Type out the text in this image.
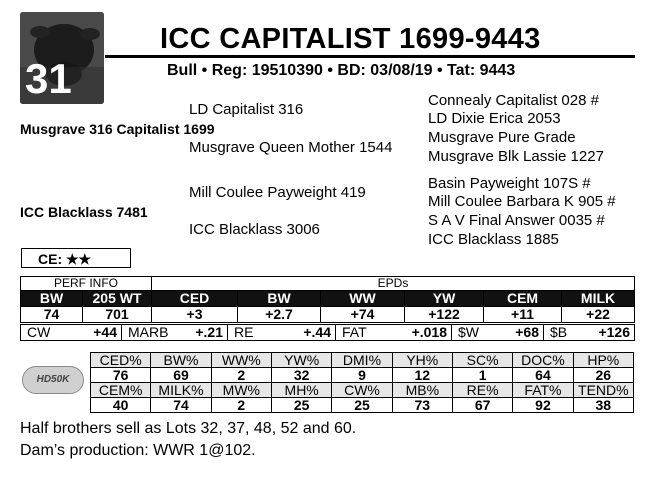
31
ICC CAPITALIST 1699-9443
Bull • Reg: 19510390 • BD: 03/08/19 • Tat: 9443
LD Capitalist 316
Musgrave 316 Capitalist 1699
Musgrave Queen Mother 1544
Connealy Capitalist 028 #
LD Dixie Erica 2053
Musgrave Pure Grade
Musgrave Blk Lassie 1227
Mill Coulee Payweight 419
ICC Blacklass 7481
ICC Blacklass 3006
Basin Payweight 107S #
Mill Coulee Barbara K 905 #
S A V Final Answer 0035 #
ICC Blacklass 1885
CE: ★★
PERF INFO		EPDs					
BW	205 WT	CED	BW	WW	YW	CEM	MILK
74	701	+3	+2.7	+74	+122	+11	+22
CW	+44	MARB	+.21	RE	+.44	FAT	+.018	$W	+68	$B	+126
HD50K
CED%	BW%	WW%	YW%	DMI%	YH%	SC%	DOC%	HP%
76	69	2	32	9	12	1	64	26
CEM%	MILK%	MW%	MH%	CW%	MB%	RE%	FAT%	TEND%
40	74	2	25	25	73	67	92	38
Half brothers sell as Lots 32, 37, 48, 52 and 60.
Dam’s production: WWR 1@102.
